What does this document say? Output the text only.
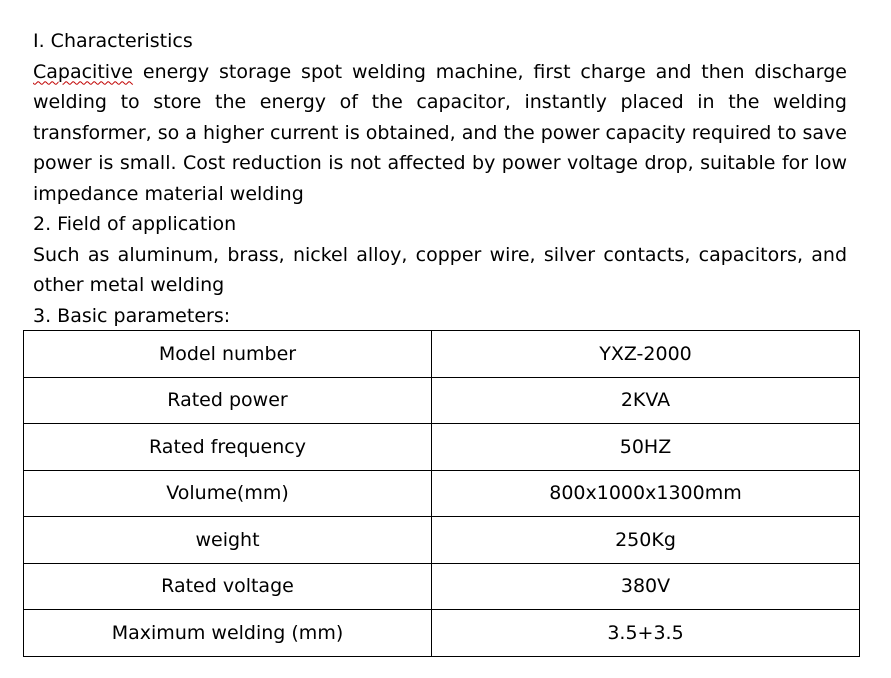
I. Characteristics
Capacitive energy storage spot welding machine, first charge and then discharge welding to store the energy of the capacitor, instantly placed in the welding transformer, so a higher current is obtained, and the power capacity required to save power is small. Cost reduction is not affected by power voltage drop, suitable for low impedance material welding
2. Field of application
Such as aluminum, brass, nickel alloy, copper wire, silver contacts, capacitors, and other metal welding
3. Basic parameters:
Model number	YXZ-2000
Rated power	2KVA
Rated frequency	50HZ
Volume(mm)	800x1000x1300mm
weight	250Kg
Rated voltage	380V
Maximum welding (mm)	3.5+3.5
